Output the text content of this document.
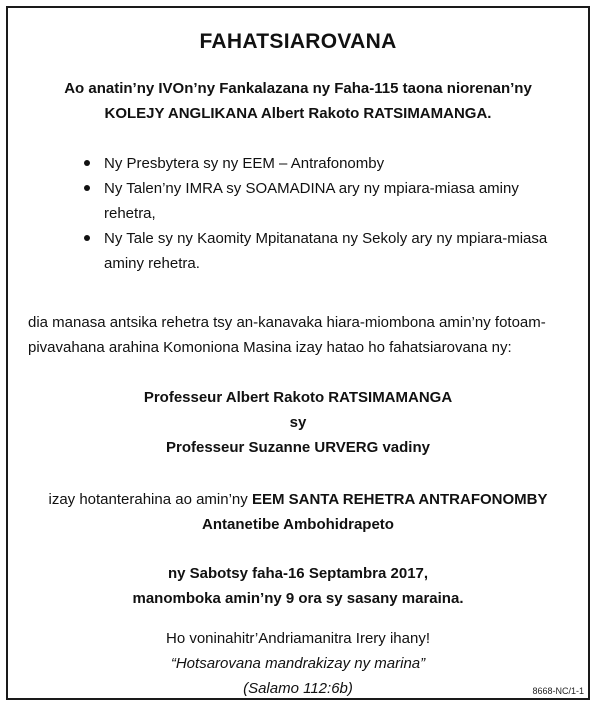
FAHATSIAROVANA
Ao anatin’ny IVOn’ny Fankalazana ny Faha-115 taona niorenan’ny
KOLEJY ANGLIKANA Albert Rakoto RATSIMAMANGA.
Ny Presbytera sy ny EEM – Antrafonomby
Ny Talen’ny IMRA sy SOAMADINA ary ny mpiara-miasa aminy
rehetra,
Ny Tale sy ny Kaomity Mpitanatana ny Sekoly ary ny mpiara-miasa
aminy rehetra.
dia manasa antsika rehetra tsy an-kanavaka hiara-miombona amin’ny fotoam-
pivavahana arahina Komoniona Masina izay hatao ho fahatsiarovana ny:
Professeur Albert Rakoto RATSIMAMANGA
sy
Professeur Suzanne URVERG vadiny
izay hotanterahina ao amin’ny EEM SANTA REHETRA ANTRAFONOMBY
Antanetibe Ambohidrapeto
ny Sabotsy faha-16 Septambra 2017,
manomboka amin’ny 9 ora sy sasany maraina.
Ho voninahitr’Andriamanitra Irery ihany!
“Hotsarovana mandrakizay ny marina”
(Salamo 112:6b)	8668-NC/1-1
